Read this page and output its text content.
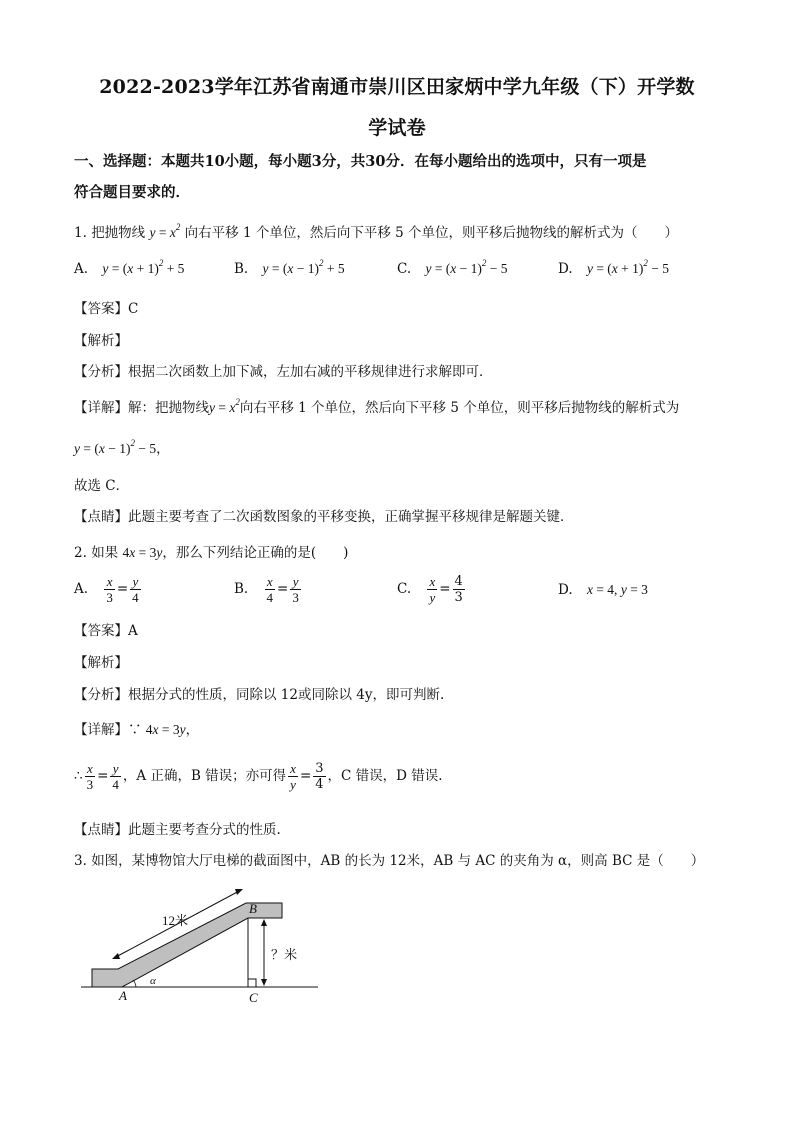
2022-2023学年江苏省南通市崇川区田家炳中学九年级（下）开学数
学试卷
一、选择题：本题共10小题，每小题3分，共30分．在每小题给出的选项中，只有一项是
符合题目要求的．
1. 把抛物线 $y = x^2$ 向右平移 1 个单位，然后向下平移 5 个单位，则平移后抛物线的解析式为（　　）
A. $y = (x + 1)^2 + 5$	B. $y = (x - 1)^2 + 5$	C. $y = (x - 1)^2 - 5$	D. $y = (x + 1)^2 - 5$
【答案】C
【解析】
【分析】根据二次函数上加下减，左加右减的平移规律进行求解即可．
【详解】解：把抛物线$y = x^2$向右平移 1 个单位，然后向下平移 5 个单位，则平移后抛物线的解析式为
$y = (x - 1)^2 - 5$，
故选 C．
【点睛】此题主要考查了二次函数图象的平移变换，正确掌握平移规律是解题关键．
2. 如果 4x = 3y，那么下列结论正确的是(　　)
A. $\frac{x}{3} = \frac{y}{4}$	B. $\frac{x}{4} = \frac{y}{3}$	C. $\frac{x}{y} = \frac{4}{3}$	D. x = 4, y = 3
【答案】A
【解析】
【分析】根据分式的性质，同除以 12或同除以 4y，即可判断.
【详解】∵ 4x = 3y，
∴ $\frac{x}{3} = \frac{y}{4}$ ，A 正确，B 错误；亦可得 $\frac{x}{y} = \frac{3}{4}$ ，C 错误，D 错误.
【点睛】此题主要考查分式的性质.
3. 如图，某博物馆大厅电梯的截面图中，AB 的长为 12米，AB 与 AC 的夹角为 α，则高 BC 是（　　）
12米
？米
B
A	C
α
